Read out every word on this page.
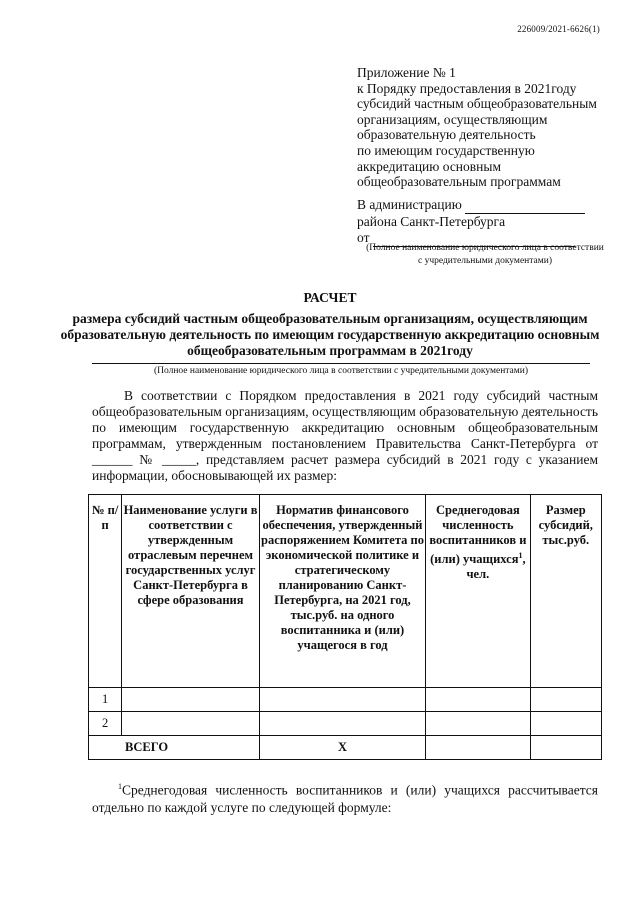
226009/2021-6626(1)
Приложение № 1
к Порядку предоставления в 2021году
субсидий частным общеобразовательным
организациям, осуществляющим
образовательную деятельность
по имеющим государственную
аккредитацию основным
общеобразовательным программам
В администрацию
района Санкт-Петербурга
от
(Полное наименование юридического лица в соответствии с учредительными документами)
РАСЧЕТ
размера субсидий частным общеобразовательным организациям, осуществляющим образовательную деятельность по имеющим государственную аккредитацию основным общеобразовательным программам в 2021году
(Полное наименование юридического лица в соответствии с учредительными документами)

В соответствии с Порядком предоставления в 2021 году субсидий частным общеобразовательным организациям, осуществляющим образовательную деятельность по имеющим государственную аккредитацию основным общеобразовательным программам, утвержденным постановлением Правительства Санкт-Петербурга от ______ № _____, представляем расчет размера субсидий в 2021 году с указанием информации, обосновывающей их размер:

№ п/п	Наименование услуги в соответствии с утвержденным отраслевым перечнем государственных услуг Санкт-Петербурга в сфере образования	Норматив финансового обеспечения, утвержденный распоряжением Комитета по экономической политике и стратегическому планированию Санкт-Петербурга, на 2021 год, тыс.руб. на одного воспитанника и (или) учащегося в год	Среднегодовая численность воспитанников и (или) учащихся$^1$, чел.	Размер субсидий, тыс.руб.
1				
2				
ВСЕГО		Х		

$^1$Среднегодовая численность воспитанников и (или) учащихся рассчитывается отдельно по каждой услуге по следующей формуле:
